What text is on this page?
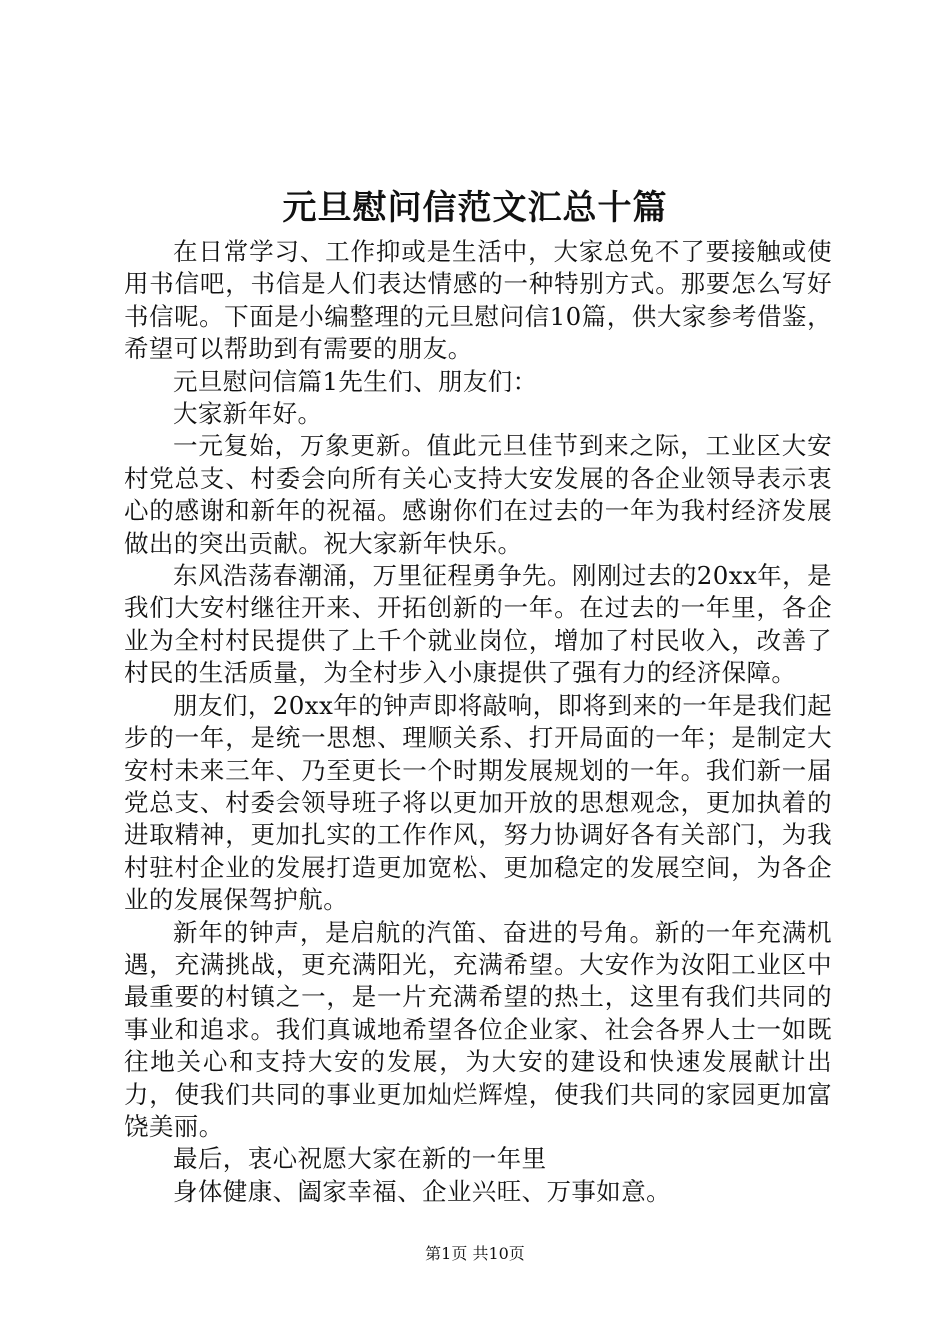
元旦慰问信范文汇总十篇

在日常学习、工作抑或是生活中，大家总免不了要接触或使用书信吧，书信是人们表达情感的一种特别方式。那要怎么写好书信呢。下面是小编整理的元旦慰问信10篇，供大家参考借鉴，希望可以帮助到有需要的朋友。

元旦慰问信篇1先生们、朋友们：

大家新年好。

一元复始，万象更新。值此元旦佳节到来之际，工业区大安村党总支、村委会向所有关心支持大安发展的各企业领导表示衷心的感谢和新年的祝福。感谢你们在过去的一年为我村经济发展做出的突出贡献。祝大家新年快乐。

东风浩荡春潮涌，万里征程勇争先。刚刚过去的20xx年，是我们大安村继往开来、开拓创新的一年。在过去的一年里，各企业为全村村民提供了上千个就业岗位，增加了村民收入，改善了村民的生活质量，为全村步入小康提供了强有力的经济保障。

朋友们，20xx年的钟声即将敲响，即将到来的一年是我们起步的一年，是统一思想、理顺关系、打开局面的一年；是制定大安村未来三年、乃至更长一个时期发展规划的一年。我们新一届党总支、村委会领导班子将以更加开放的思想观念，更加执着的进取精神，更加扎实的工作作风，努力协调好各有关部门，为我村驻村企业的发展打造更加宽松、更加稳定的发展空间，为各企业的发展保驾护航。

新年的钟声，是启航的汽笛、奋进的号角。新的一年充满机遇，充满挑战，更充满阳光，充满希望。大安作为汝阳工业区中最重要的村镇之一，是一片充满希望的热土，这里有我们共同的事业和追求。我们真诚地希望各位企业家、社会各界人士一如既往地关心和支持大安的发展，为大安的建设和快速发展献计出力，使我们共同的事业更加灿烂辉煌，使我们共同的家园更加富饶美丽。

最后，衷心祝愿大家在新的一年里

身体健康、阖家幸福、企业兴旺、万事如意。

第1页 共10页
